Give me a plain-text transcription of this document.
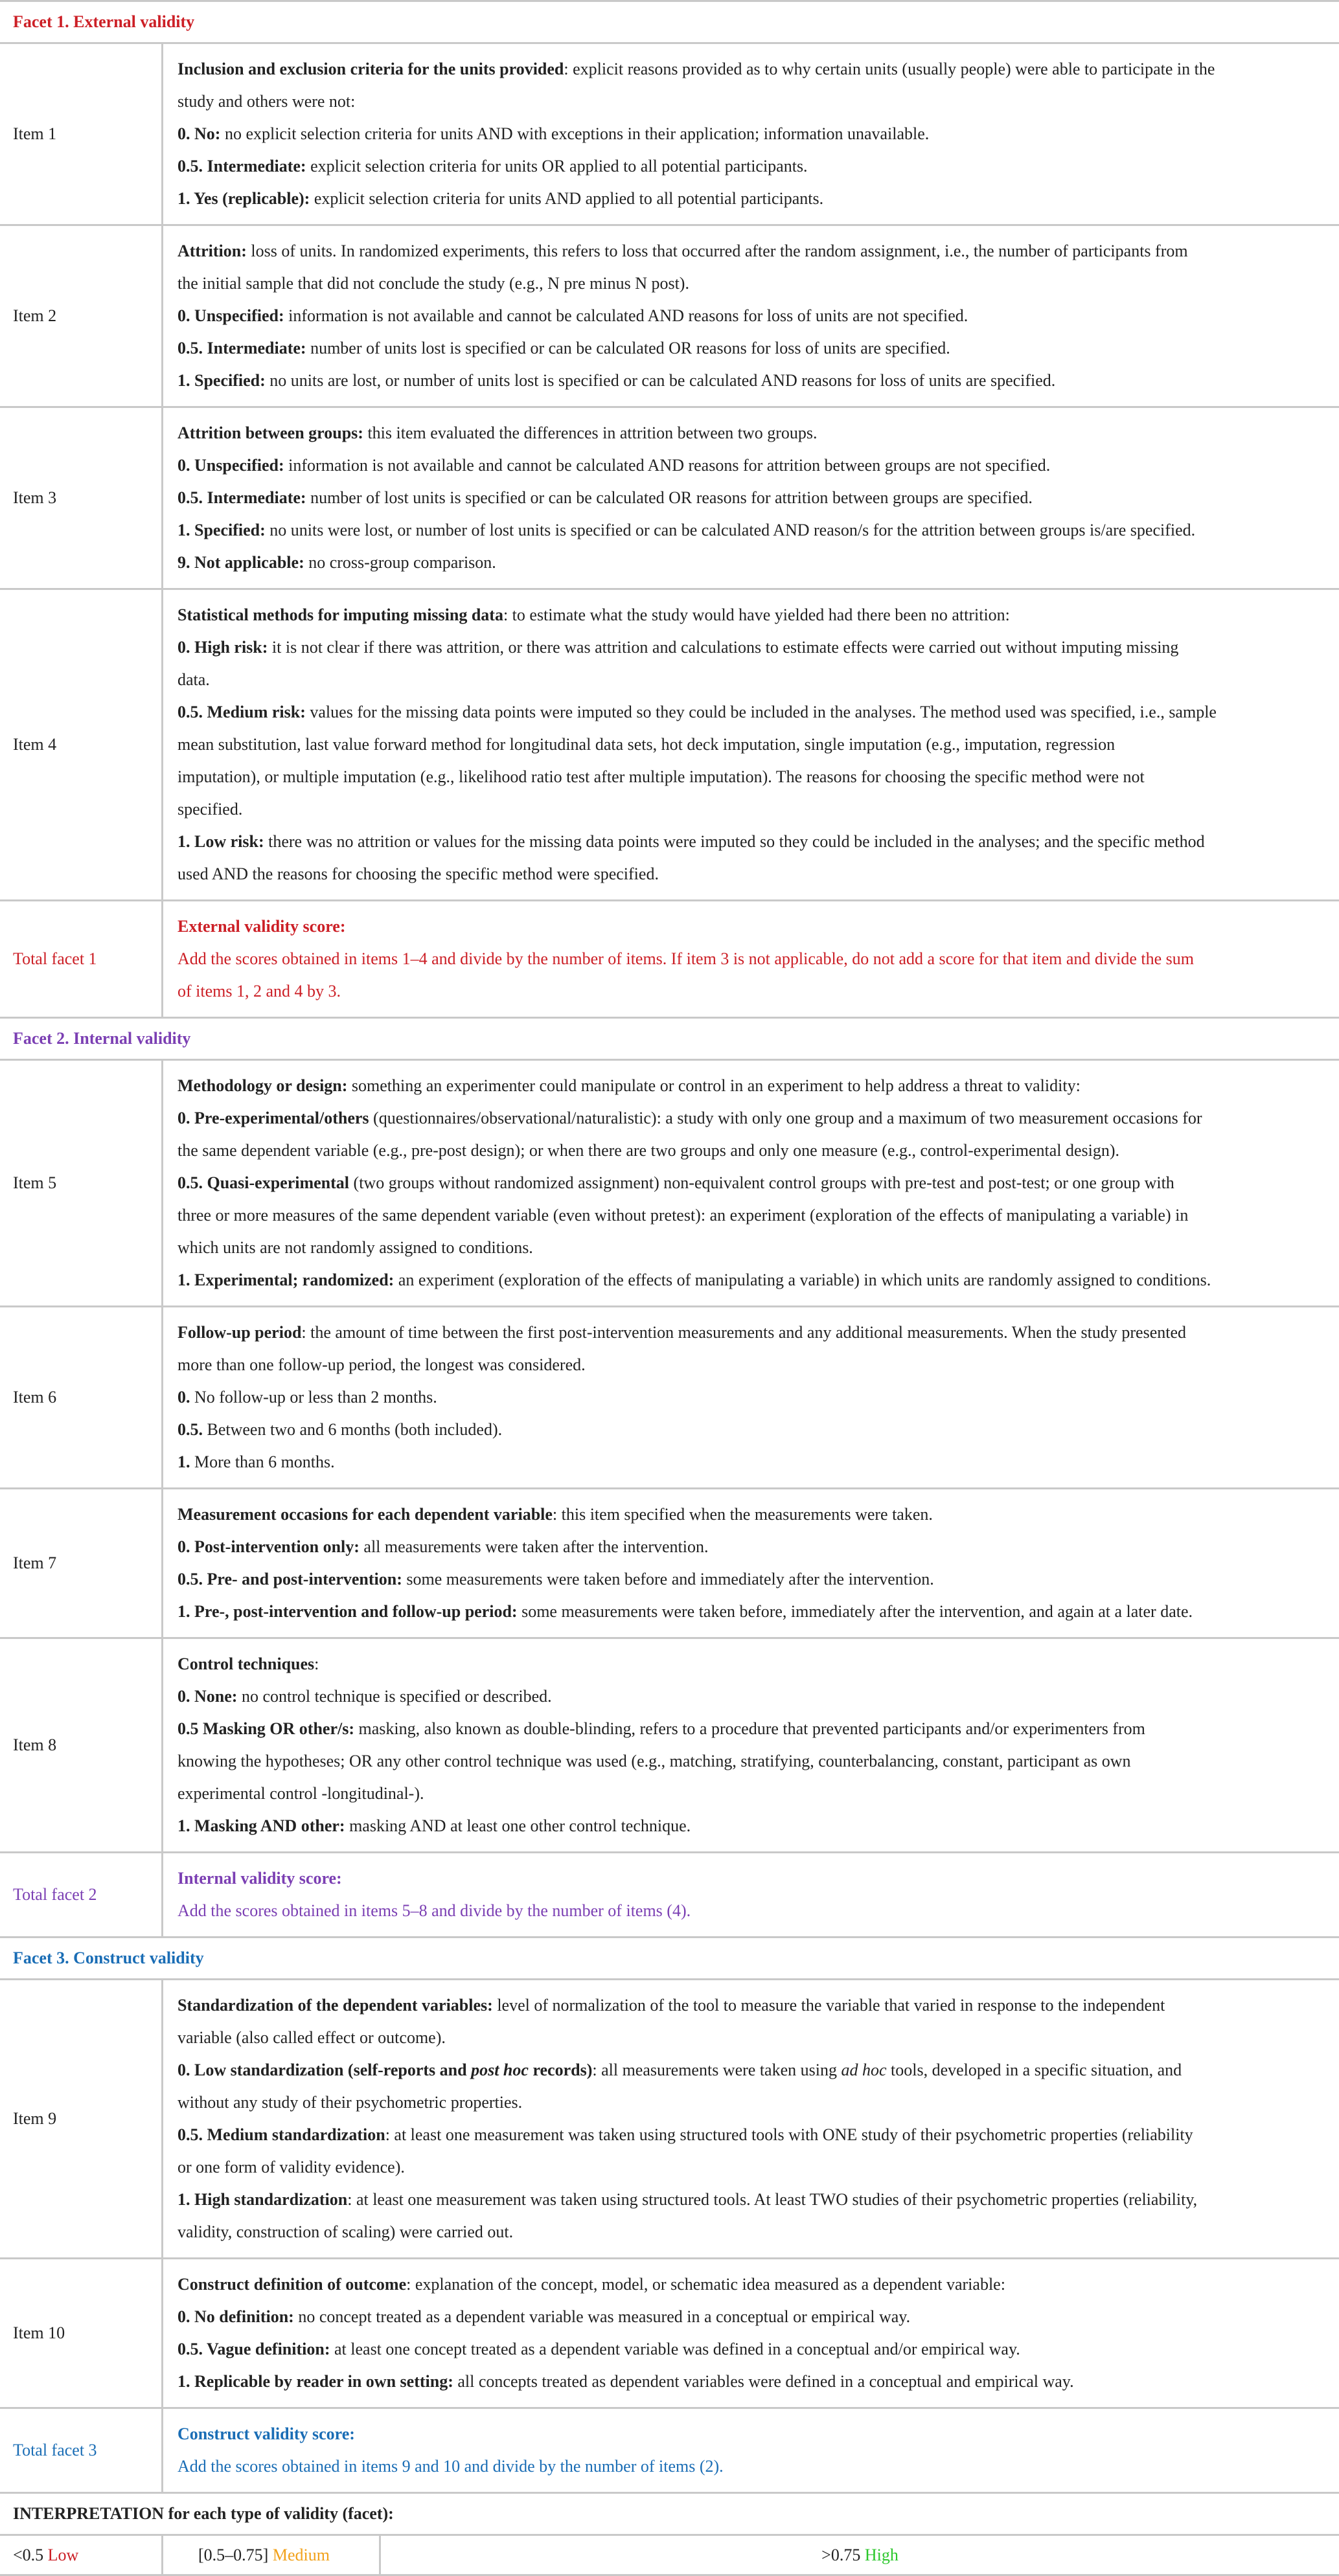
Facet 1. External validity
Item 1
Inclusion and exclusion criteria for the units provided: explicit reasons provided as to why certain units (usually people) were able to participate in the
study and others were not:
0. No: no explicit selection criteria for units AND with exceptions in their application; information unavailable.
0.5. Intermediate: explicit selection criteria for units OR applied to all potential participants.
1. Yes (replicable): explicit selection criteria for units AND applied to all potential participants.
Item 2
Attrition: loss of units. In randomized experiments, this refers to loss that occurred after the random assignment, i.e., the number of participants from
the initial sample that did not conclude the study (e.g., N pre minus N post).
0. Unspecified: information is not available and cannot be calculated AND reasons for loss of units are not specified.
0.5. Intermediate: number of units lost is specified or can be calculated OR reasons for loss of units are specified.
1. Specified: no units are lost, or number of units lost is specified or can be calculated AND reasons for loss of units are specified.
Item 3
Attrition between groups: this item evaluated the differences in attrition between two groups.
0. Unspecified: information is not available and cannot be calculated AND reasons for attrition between groups are not specified.
0.5. Intermediate: number of lost units is specified or can be calculated OR reasons for attrition between groups are specified.
1. Specified: no units were lost, or number of lost units is specified or can be calculated AND reason/s for the attrition between groups is/are specified.
9. Not applicable: no cross-group comparison.
Item 4
Statistical methods for imputing missing data: to estimate what the study would have yielded had there been no attrition:
0. High risk: it is not clear if there was attrition, or there was attrition and calculations to estimate effects were carried out without imputing missing
data.
0.5. Medium risk: values for the missing data points were imputed so they could be included in the analyses. The method used was specified, i.e., sample
mean substitution, last value forward method for longitudinal data sets, hot deck imputation, single imputation (e.g., imputation, regression
imputation), or multiple imputation (e.g., likelihood ratio test after multiple imputation). The reasons for choosing the specific method were not
specified.
1. Low risk: there was no attrition or values for the missing data points were imputed so they could be included in the analyses; and the specific method
used AND the reasons for choosing the specific method were specified.
Total facet 1
External validity score:
Add the scores obtained in items 1–4 and divide by the number of items. If item 3 is not applicable, do not add a score for that item and divide the sum
of items 1, 2 and 4 by 3.
Facet 2. Internal validity
Item 5
Methodology or design: something an experimenter could manipulate or control in an experiment to help address a threat to validity:
0. Pre-experimental/others (questionnaires/observational/naturalistic): a study with only one group and a maximum of two measurement occasions for
the same dependent variable (e.g., pre-post design); or when there are two groups and only one measure (e.g., control-experimental design).
0.5. Quasi-experimental (two groups without randomized assignment) non-equivalent control groups with pre-test and post-test; or one group with
three or more measures of the same dependent variable (even without pretest): an experiment (exploration of the effects of manipulating a variable) in
which units are not randomly assigned to conditions.
1. Experimental; randomized: an experiment (exploration of the effects of manipulating a variable) in which units are randomly assigned to conditions.
Item 6
Follow-up period: the amount of time between the first post-intervention measurements and any additional measurements. When the study presented
more than one follow-up period, the longest was considered.
0. No follow-up or less than 2 months.
0.5. Between two and 6 months (both included).
1. More than 6 months.
Item 7
Measurement occasions for each dependent variable: this item specified when the measurements were taken.
0. Post-intervention only: all measurements were taken after the intervention.
0.5. Pre- and post-intervention: some measurements were taken before and immediately after the intervention.
1. Pre-, post-intervention and follow-up period: some measurements were taken before, immediately after the intervention, and again at a later date.
Item 8
Control techniques:
0. None: no control technique is specified or described.
0.5 Masking OR other/s: masking, also known as double-blinding, refers to a procedure that prevented participants and/or experimenters from
knowing the hypotheses; OR any other control technique was used (e.g., matching, stratifying, counterbalancing, constant, participant as own
experimental control -longitudinal-).
1. Masking AND other: masking AND at least one other control technique.
Total facet 2
Internal validity score:
Add the scores obtained in items 5–8 and divide by the number of items (4).
Facet 3. Construct validity
Item 9
Standardization of the dependent variables: level of normalization of the tool to measure the variable that varied in response to the independent
variable (also called effect or outcome).
0. Low standardization (self-reports and post hoc records): all measurements were taken using ad hoc tools, developed in a specific situation, and
without any study of their psychometric properties.
0.5. Medium standardization: at least one measurement was taken using structured tools with ONE study of their psychometric properties (reliability
or one form of validity evidence).
1. High standardization: at least one measurement was taken using structured tools. At least TWO studies of their psychometric properties (reliability,
validity, construction of scaling) were carried out.
Item 10
Construct definition of outcome: explanation of the concept, model, or schematic idea measured as a dependent variable:
0. No definition: no concept treated as a dependent variable was measured in a conceptual or empirical way.
0.5. Vague definition: at least one concept treated as a dependent variable was defined in a conceptual and/or empirical way.
1. Replicable by reader in own setting: all concepts treated as dependent variables were defined in a conceptual and empirical way.
Total facet 3
Construct validity score:
Add the scores obtained in items 9 and 10 and divide by the number of items (2).
INTERPRETATION for each type of validity (facet):
<0.5
Low	[0.5–0.75]
Medium	>0.75
High
